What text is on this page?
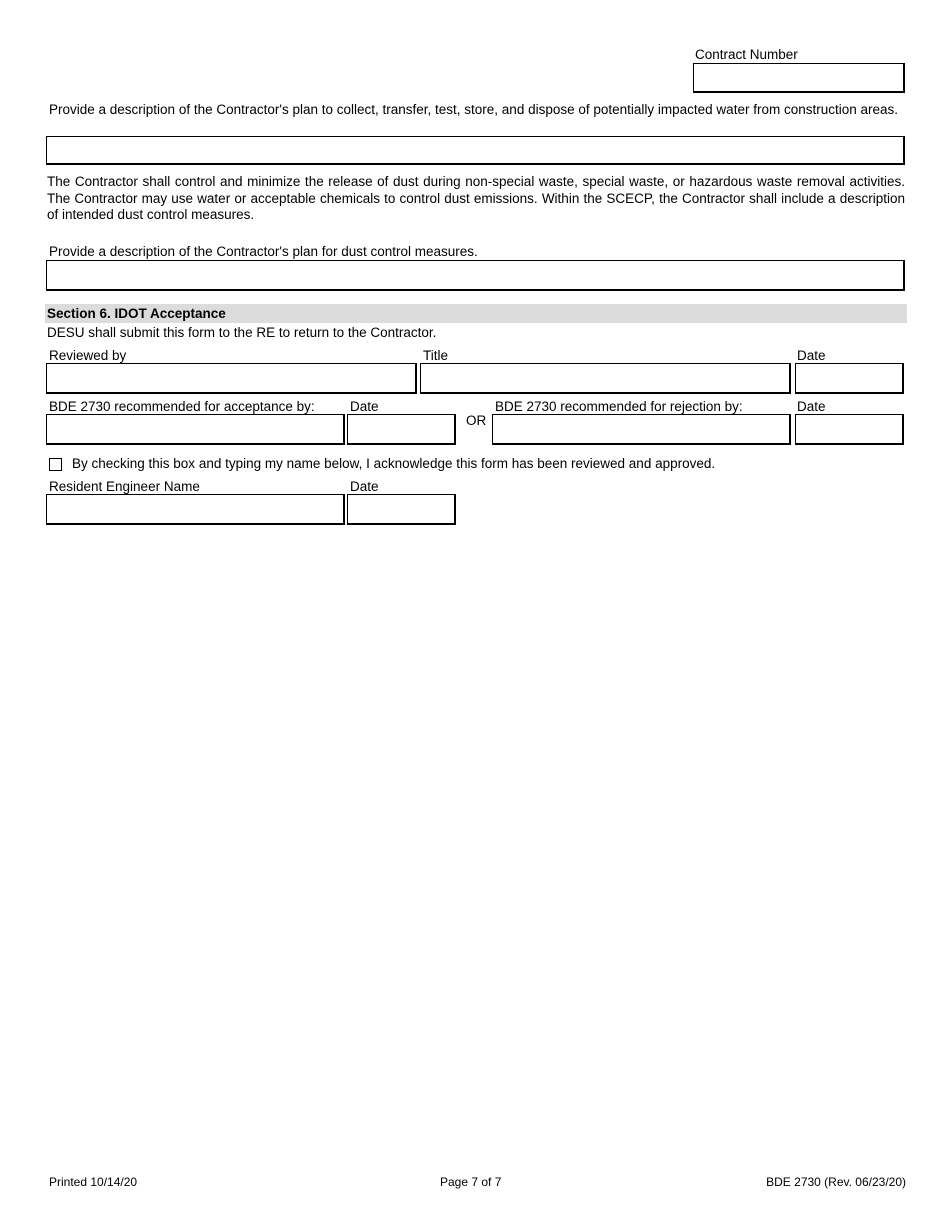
Contract Number
Provide a description of the Contractor's plan to collect, transfer, test, store, and dispose of potentially impacted water from construction areas.
The Contractor shall control and minimize the release of dust during non-special waste, special waste, or hazardous waste removal activities. The Contractor may use water or acceptable chemicals to control dust emissions. Within the SCECP, the Contractor shall include a description of intended dust control measures.
Provide a description of the Contractor's plan for dust control measures.
Section 6. IDOT Acceptance
DESU shall submit this form to the RE to return to the Contractor.
Reviewed by	Title	Date
BDE 2730 recommended for acceptance by:	Date	BDE 2730 recommended for rejection by:	Date
OR
By checking this box and typing my name below, I acknowledge this form has been reviewed and approved.
Resident Engineer Name	Date
Printed 10/14/20	Page 7 of 7	BDE 2730 (Rev. 06/23/20)
